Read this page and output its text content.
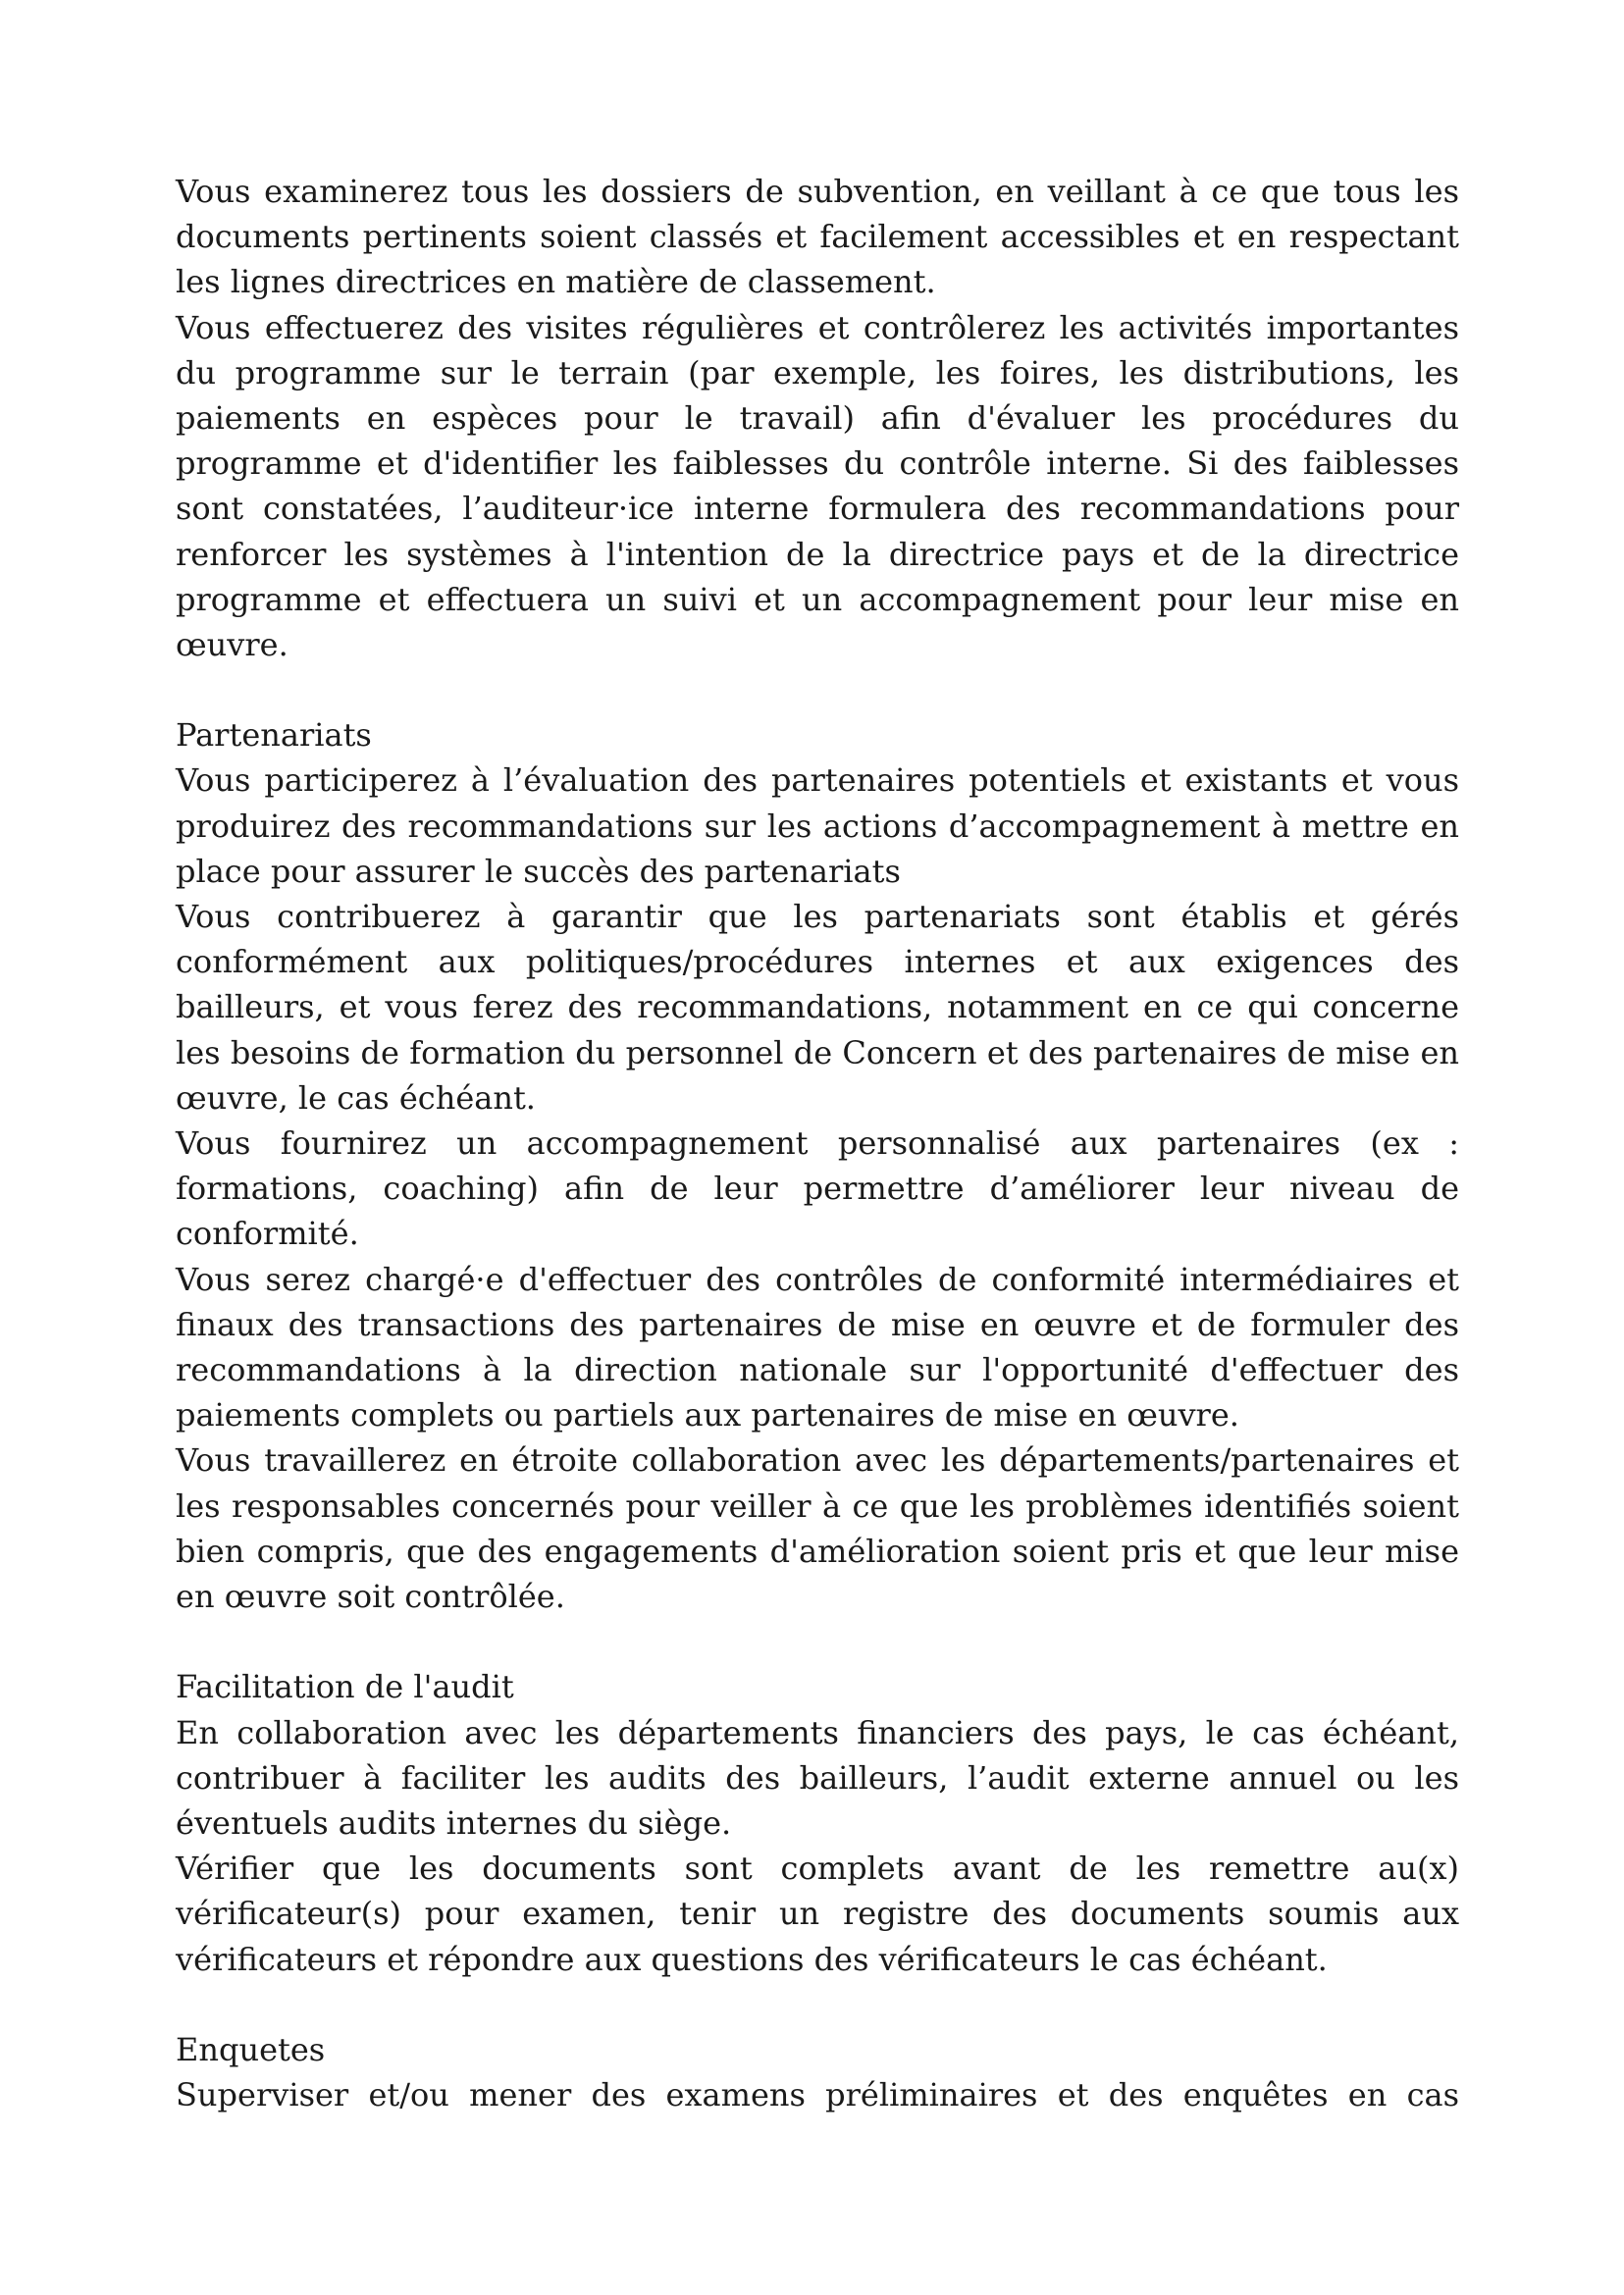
Vous examinerez tous les dossiers de subvention, en veillant à ce que tous les documents pertinents soient classés et facilement accessibles et en respectant les lignes directrices en matière de classement.

Vous effectuerez des visites régulières et contrôlerez les activités importantes du programme sur le terrain (par exemple, les foires, les distributions, les paiements en espèces pour le travail) afin d'évaluer les procédures du programme et d'identifier les faiblesses du contrôle interne. Si des faiblesses sont constatées, l’auditeur·ice interne formulera des recommandations pour renforcer les systèmes à l'intention de la directrice pays et de la directrice programme et effectuera un suivi et un accompagnement pour leur mise en œuvre.

Partenariats

Vous participerez à l’évaluation des partenaires potentiels et existants et vous produirez des recommandations sur les actions d’accompagnement à mettre en place pour assurer le succès des partenariats

Vous contribuerez à garantir que les partenariats sont établis et gérés conformément aux politiques/procédures internes et aux exigences des bailleurs, et vous ferez des recommandations, notamment en ce qui concerne les besoins de formation du personnel de Concern et des partenaires de mise en œuvre, le cas échéant.

Vous fournirez un accompagnement personnalisé aux partenaires (ex : formations, coaching) afin de leur permettre d’améliorer leur niveau de conformité.

Vous serez chargé·e d'effectuer des contrôles de conformité intermédiaires et finaux des transactions des partenaires de mise en œuvre et de formuler des recommandations à la direction nationale sur l'opportunité d'effectuer des paiements complets ou partiels aux partenaires de mise en œuvre.

Vous travaillerez en étroite collaboration avec les départements/partenaires et les responsables concernés pour veiller à ce que les problèmes identifiés soient bien compris, que des engagements d'amélioration soient pris et que leur mise en œuvre soit contrôlée.

Facilitation de l'audit

En collaboration avec les départements financiers des pays, le cas échéant, contribuer à faciliter les audits des bailleurs, l’audit externe annuel ou les éventuels audits internes du siège.

Vérifier que les documents sont complets avant de les remettre au(x) vérificateur(s) pour examen, tenir un registre des documents soumis aux vérificateurs et répondre aux questions des vérificateurs le cas échéant.

Enquetes

Superviser et/ou mener des examens préliminaires et des enquêtes en cas
